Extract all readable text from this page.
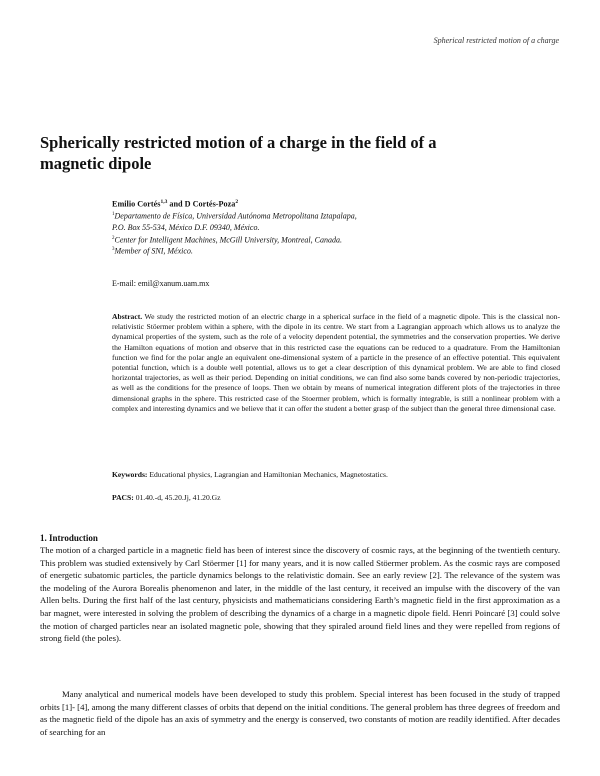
Spherical restricted motion of a charge
Spherically restricted motion of a charge in the field of a magnetic dipole
Emilio Cortés$^{1,3}$ and D Cortés-Poza$^2$
$^1$Departamento de Física, Universidad Autónoma Metropolitana Iztapalapa,
P.O. Box 55-534, México D.F. 09340, México.
$^2$Center for Intelligent Machines, McGill University, Montreal, Canada.
$^3$Member of SNI, México.
E-mail: emil@xanum.uam.mx
Abstract. We study the restricted motion of an electric charge in a spherical surface in the field of a magnetic dipole. This is the classical non-relativistic Stöermer problem within a sphere, with the dipole in its centre. We start from a Lagrangian approach which allows us to analyze the dynamical properties of the system, such as the role of a velocity dependent potential, the symmetries and the conservation properties. We derive the Hamilton equations of motion and observe that in this restricted case the equations can be reduced to a quadrature. From the Hamiltonian function we find for the polar angle an equivalent one-dimensional system of a particle in the presence of an effective potential. This equivalent potential function, which is a double well potential, allows us to get a clear description of this dynamical problem. We are able to find closed horizontal trajectories, as well as their period. Depending on initial conditions, we can find also some bands covered by non-periodic trajectories, as well as the conditions for the presence of loops. Then we obtain by means of numerical integration different plots of the trajectories in three dimensional graphs in the sphere. This restricted case of the Stoermer problem, which is formally integrable, is still a nonlinear problem with a complex and interesting dynamics and we believe that it can offer the student a better grasp of the subject than the general three dimensional case.
Keywords: Educational physics, Lagrangian and Hamiltonian Mechanics, Magnetostatics.
PACS: 01.40.-d, 45.20.Jj, 41.20.Gz
1. Introduction
The motion of a charged particle in a magnetic field has been of interest since the discovery of cosmic rays, at the beginning of the twentieth century. This problem was studied extensively by Carl Stöermer [1] for many years, and it is now called Stöermer problem. As the cosmic rays are composed of energetic subatomic particles, the particle dynamics belongs to the relativistic domain. See an early review [2]. The relevance of the system was the modeling of the Aurora Borealis phenomenon and later, in the middle of the last century, it received an impulse with the discovery of the van Allen belts. During the first half of the last century, physicists and mathematicians considering Earth’s magnetic field in the first approximation as a bar magnet, were interested in solving the problem of describing the dynamics of a charge in a magnetic dipole field. Henri Poincaré [3] could solve the motion of charged particles near an isolated magnetic pole, showing that they spiraled around field lines and they were repelled from regions of strong field (the poles).
Many analytical and numerical models have been developed to study this problem. Special interest has been focused in the study of trapped orbits [1]- [4], among the many different classes of orbits that depend on the initial conditions. The general problem has three degrees of freedom and as the magnetic field of the dipole has an axis of symmetry and the energy is conserved, two constants of motion are readily identified. After decades of searching for an
